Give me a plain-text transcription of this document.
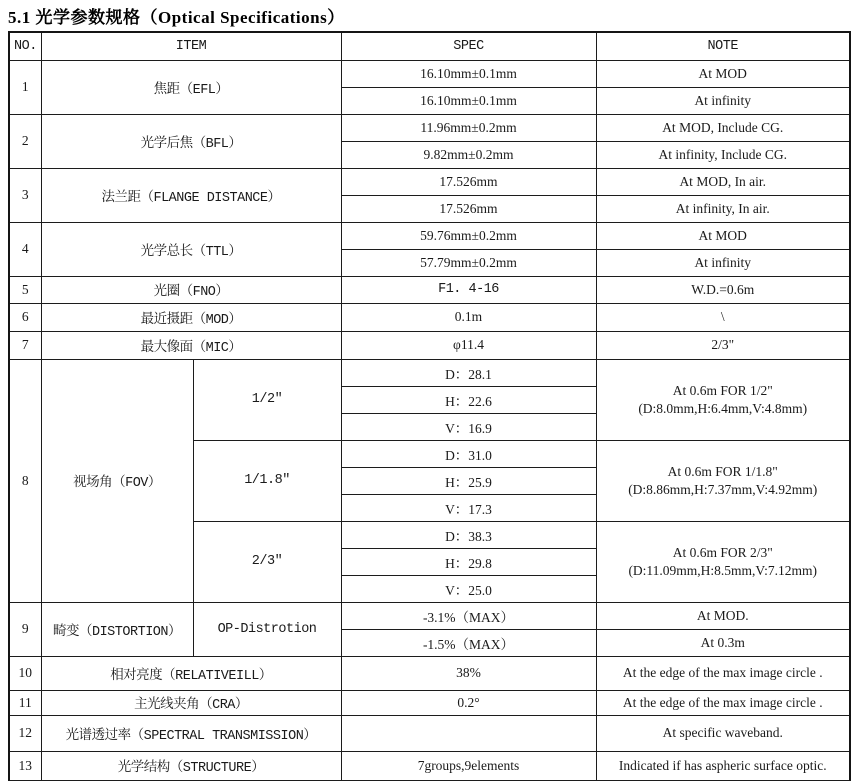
5.1 光学参数规格（Optical Specifications）
NO.	ITEM		SPEC	NOTE
1	焦距（EFL）		16.10mm±0.1mm	At MOD
			16.10mm±0.1mm	At infinity
2	光学后焦（BFL）		11.96mm±0.2mm	At MOD, Include CG.
			9.82mm±0.2mm	At infinity, Include CG.
3	法兰距（FLANGE DISTANCE）		17.526mm	At MOD, In air.
			17.526mm	At infinity, In air.
4	光学总长（TTL）		59.76mm±0.2mm	At MOD
			57.79mm±0.2mm	At infinity
5	光圈（FNO）		F1. 4-16	W.D.=0.6m
6	最近摄距（MOD）		0.1m	\
7	最大像面（MIC）		φ11.4	2/3"
8	视场角（FOV）	1/2″	D：28.1	At 0.6m FOR 1/2"
(D:8.0mm,H:6.4mm,V:4.8mm)

			H：22.6	
			V：16.9	
		1/1.8″	D：31.0	At 0.6m FOR 1/1.8"
(D:8.86mm,H:7.37mm,V:4.92mm)

			H：25.9	
			V：17.3	
		2/3″	D：38.3	At 0.6m FOR 2/3"
(D:11.09mm,H:8.5mm,V:7.12mm)

			H：29.8	
			V：25.0	
9	畸变（DISTORTION）	OP-Distrotion	-3.1%（MAX）	At MOD.
			-1.5%（MAX）	At 0.3m
10	相对亮度（RELATIVEILL）		38%	At the edge of the max image circle .
11	主光线夹角（CRA）		0.2°	At the edge of the max image circle .
12	光谱透过率（SPECTRAL TRANSMISSION）			At specific waveband.
13	光学结构（STRUCTURE）		7groups,9elements	Indicated if has aspheric surface optic.
